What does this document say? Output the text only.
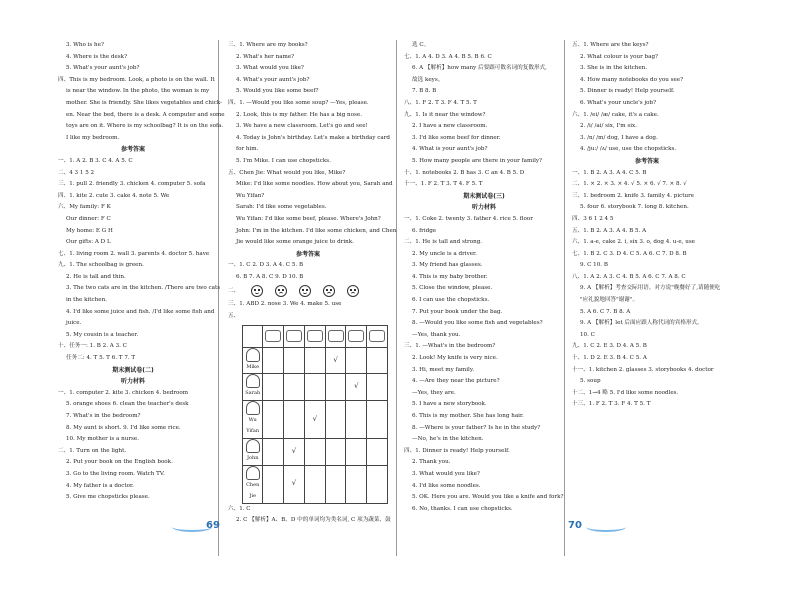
3. Who is he?
4. Where is the desk?
5. What's your aunt's job?
四、This is my bedroom. Look, a photo is on the wall. It
is near the window. In the photo, the woman is my
mother. She is friendly. She likes vegetables and chick-
en. Near the bed, there is a desk. A computer and some
toys are on it. Where is my schoolbag? It is on the sofa.
I like my bedroom.
参考答案
一、1. A 2. B 3. C 4. A 5. C
二、4 3 1 5 2
三、1. pull 2. friendly 3. chicken 4. computer 5. sofa
四、1. kite 2. cute 3. cake 4. note 5. We
六、My family: F K
Our dinner: F C
My home: E G H
Our gifts: A D L
七、1. living room 2. wall 3. parents 4. doctor 5. have
九、1. The schoolbag is green.
2. He is tall and thin.
3. The two cats are in the kitchen. /There are two cats
in the kitchen.
4. I'd like some juice and fish. /I'd like some fish and
juice.
5. My cousin is a teacher.
十、任务一: 1. B 2. A 3. C
任务二: 4. T 5. T 6. T 7. T
期末测试卷(二)
听力材料
一、1. computer 2. kite 3. chicken 4. bedroom
5. orange shoes 6. clean the teacher's desk
7. What's in the bedroom?
8. My aunt is short. 9. I'd like some rice.
10. My mother is a nurse.
二、1. Turn on the light.
2. Put your book on the English book.
3. Go to the living room. Watch TV.
4. My father is a doctor.
5. Give me chopsticks please.
三、1. Where are my books?
2. What's her name?
3. What would you like?
4. What's your aunt's job?
5. Would you like some beef?
四、1. —Would you like some soup? —Yes, please.
2. Look, this is my father. He has a big nose.
3. We have a new classroom. Let's go and see!
4. Today is John's birthday. Let's make a birthday card
for him.
5. I'm Mike. I can use chopsticks.
五、Chen Jie: What would you like, Mike?
Mike: I'd like some noodles. How about you, Sarah and
Wu Yifan?
Sarah: I'd like some vegetables.
Wu Yifan: I'd like some beef, please. Where's John?
John: I'm in the kitchen. I'd like some chicken, and Chen
Jie would like some orange juice to drink.
参考答案
一、1. C 2. D 3. A 4. C 5. B
6. B 7. A 8. C 9. D 10. B
二、
三、1. ABD 2. nose 3. We 4. make 5. use
五、

Mike				√		

Sarah					√	

Wu Yifan			√			

John		√				

Chen Jie		√				
六、1. C
2. C 【解析】A、B、D 中的单词均为类名词, C 项为蔬菜、鼓
选 C。
七、1. A 4. D 3. A 4. B 5. B 6. C
6. A 【解析】how many 后要跟可数名词的复数形式,
故选 keys。
7. B 8. B
八、1. F 2. T 3. F 4. T 5. T
九、1. Is it near the window?
2. I have a new classroom.
3. I'd like some beef for dinner.
4. What is your aunt's job?
5. How many people are there in your family?
十、1. notebooks 2. B has 3. C an 4. B 5. D
十一、1. F 2. T 3. T 4. F 5. T
期末测试卷(三)
听力材料
一、1. Coke 2. twenty 3. father 4. rice 5. floor
6. fridge
二、1. He is tall and strong.
2. My uncle is a driver.
3. My friend has glasses.
4. This is my baby brother.
5. Close the window, please.
6. I can use the chopsticks.
7. Put your book under the bag.
8. —Would you like some fish and vegetables?
—Yes, thank you.
三、1. —What's in the bedroom?
2. Look! My knife is very nice.
3. Hi, meet my family.
4. —Are they near the picture?
—Yes, they are.
5. I have a new storybook.
6. This is my mother. She has long hair.
8. —Where is your father? Is he in the study?
—No, he's in the kitchen.
四、1. Dinner is ready! Help yourself.
2. Thank you.
3. What would you like?
4. I'd like some noodles.
5. OK. Here you are. Would you like a knife and fork?
6. No, thanks. I can use chopsticks.
五、1. Where are the keys?
2. What colour is your bag?
3. She is in the kitchen.
4. How many notebooks do you see?
5. Dinner is ready! Help yourself.
6. What's your uncle's job?
六、1. /ei/ /æ/ cake, it's a cake.
2. /i/ /ai/ six, I'm six.
3. /n/ /m/ dog, I have a dog.
4. /ju:/ /ʌ/ use, use the chopsticks.
参考答案
一、1. B 2. A 3. A 4. C 5. B
二、1. × 2. × 3. × 4. √ 5. × 6. √ 7. × 8. √
三、1. bedroom 2. knife 3. family 4. picture
5. four 6. storybook 7. long 8. kitchen.
四、3 6 1 2 4 5
五、1. B 2. A 3. A 4. B 5. A
六、1. a-e, cake 2. i, six 3. o, dog 4. u-e, use
七、1. B 2. C 3. D 4. C 5. A 6. C 7. D 8. B
9. C 10. B
八、1. A 2. A 3. C 4. B 5. A 6. C 7. A 8. C
9. A 【解析】考查交际用语。对方说"晚餐好了,请随便吃
"应礼貌地回答"谢谢"。
5. A 6. C 7. B 8. A
9. A 【解析】let 后面应跟人称代词的宾格形式。
10. C
九、1. C 2. E 3. D 4. A 5. B
十、1. D 2. E 3. B 4. C 5. A
十一、1. kitchen 2. glasses 3. storybooks 4. doctor
5. soup
十二、1→4 略 5. I'd like some noodles.
十三、1. F 2. T 3. F 4. T 5. T
69	70
